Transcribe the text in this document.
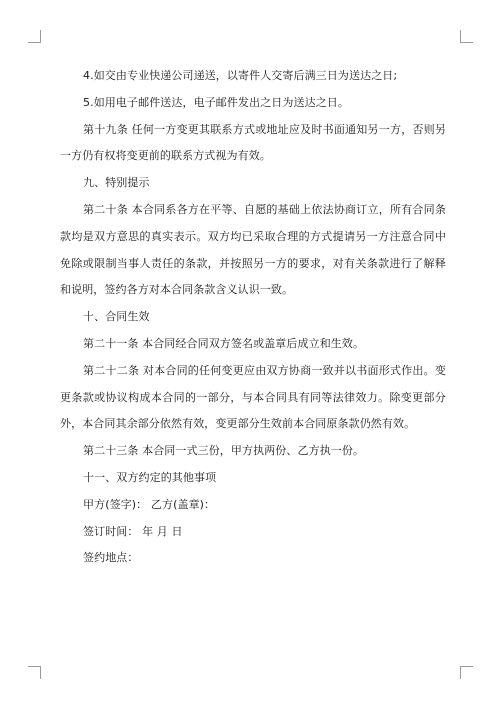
4.如交由专业快递公司递送，以寄件人交寄后满三日为送达之日;

5.如用电子邮件送达，电子邮件发出之日为送达之日。

第十九条 任何一方变更其联系方式或地址应及时书面通知另一方，否则另一方仍有权将变更前的联系方式视为有效。

九、特别提示

第二十条 本合同系各方在平等、自愿的基础上依法协商订立，所有合同条款均是双方意思的真实表示。双方均已采取合理的方式提请另一方注意合同中免除或限制当事人责任的条款，并按照另一方的要求，对有关条款进行了解释和说明，签约各方对本合同条款含义认识一致。

十、合同生效

第二十一条 本合同经合同双方签名或盖章后成立和生效。

第二十二条 对本合同的任何变更应由双方协商一致并以书面形式作出。变更条款或协议构成本合同的一部分，与本合同具有同等法律效力。除变更部分外，本合同其余部分依然有效，变更部分生效前本合同原条款仍然有效。

第二十三条 本合同一式三份，甲方执两份、乙方执一份。

十一、双方约定的其他事项

甲方(签字)： 乙方(盖章)：

签订时间： 年 月 日

签约地点：
